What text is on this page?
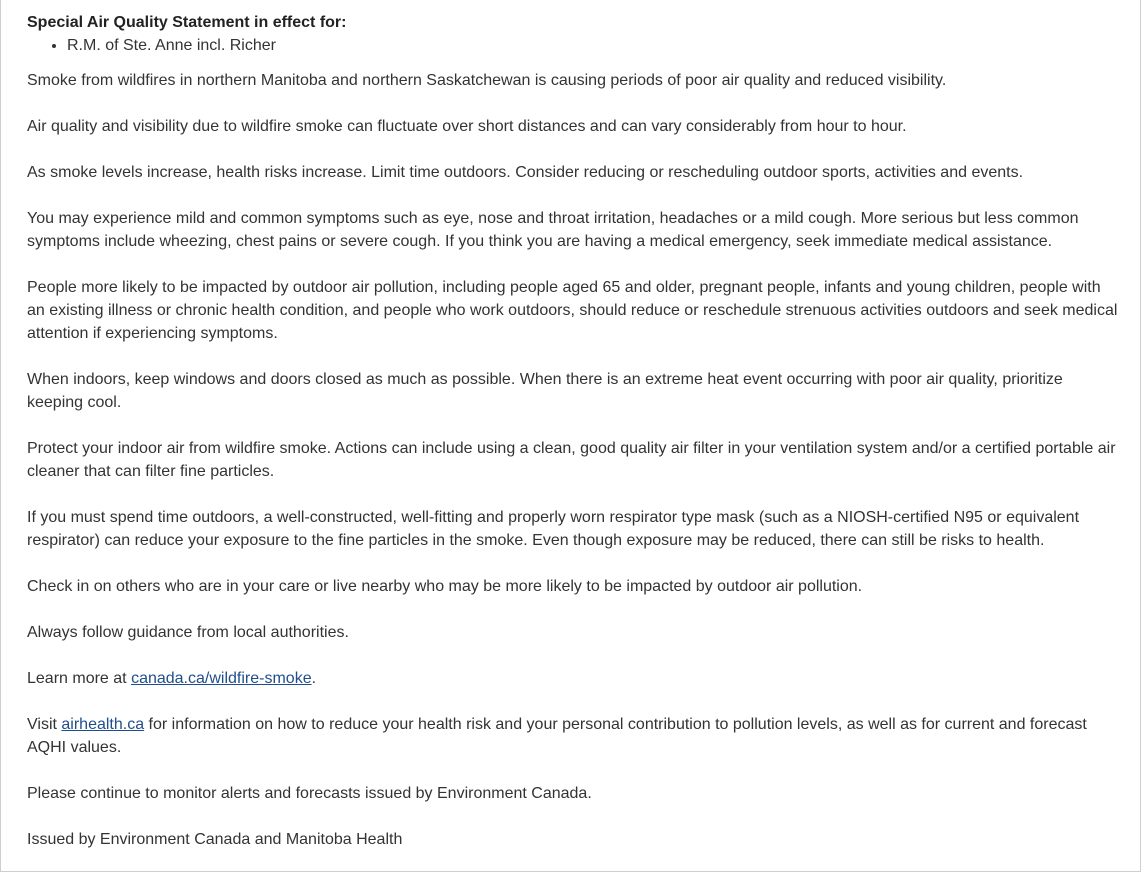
Special Air Quality Statement in effect for:

• R.M. of Ste. Anne incl. Richer

Smoke from wildfires in northern Manitoba and northern Saskatchewan is causing periods of poor air quality and reduced visibility.

Air quality and visibility due to wildfire smoke can fluctuate over short distances and can vary considerably from hour to hour.

As smoke levels increase, health risks increase. Limit time outdoors. Consider reducing or rescheduling outdoor sports, activities and events.

You may experience mild and common symptoms such as eye, nose and throat irritation, headaches or a mild cough. More serious but less common symptoms include wheezing, chest pains or severe cough. If you think you are having a medical emergency, seek immediate medical assistance.

People more likely to be impacted by outdoor air pollution, including people aged 65 and older, pregnant people, infants and young children, people with an existing illness or chronic health condition, and people who work outdoors, should reduce or reschedule strenuous activities outdoors and seek medical attention if experiencing symptoms.

When indoors, keep windows and doors closed as much as possible. When there is an extreme heat event occurring with poor air quality, prioritize keeping cool.

Protect your indoor air from wildfire smoke. Actions can include using a clean, good quality air filter in your ventilation system and/or a certified portable air cleaner that can filter fine particles.

If you must spend time outdoors, a well-constructed, well-fitting and properly worn respirator type mask (such as a NIOSH-certified N95 or equivalent respirator) can reduce your exposure to the fine particles in the smoke. Even though exposure may be reduced, there can still be risks to health.

Check in on others who are in your care or live nearby who may be more likely to be impacted by outdoor air pollution.

Always follow guidance from local authorities.

Learn more at canada.ca/wildfire-smoke.

Visit airhealth.ca for information on how to reduce your health risk and your personal contribution to pollution levels, as well as for current and forecast AQHI values.

Please continue to monitor alerts and forecasts issued by Environment Canada.

Issued by Environment Canada and Manitoba Health
